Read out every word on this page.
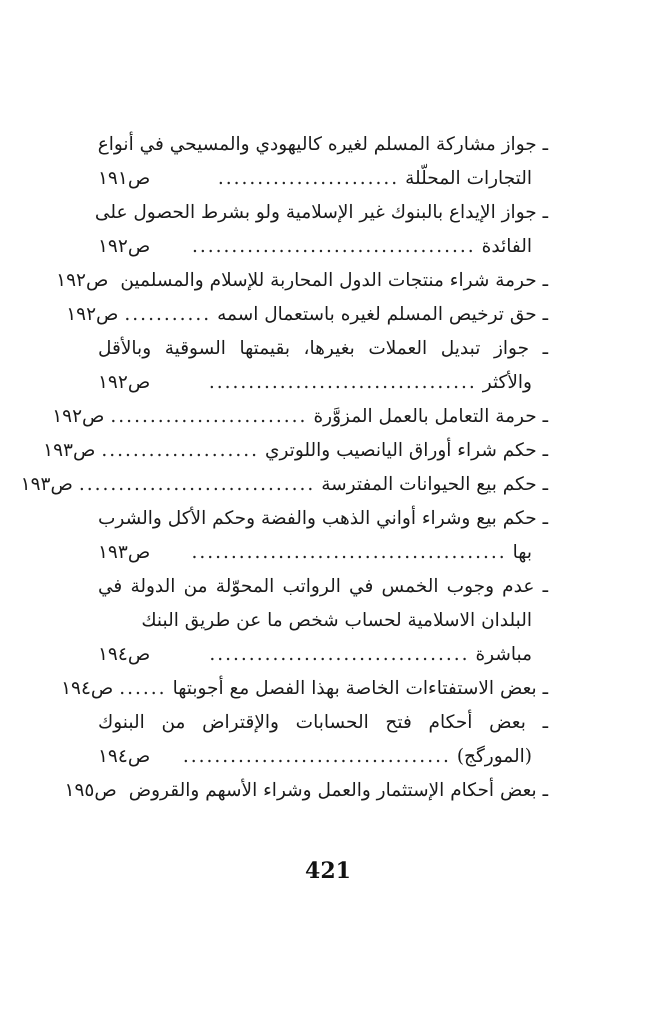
ـ جواز مشاركة المسلم لغيره كاليهودي والمسيحي في أنواع
التجارات المحلّلة
.......................
ص١٩١
ـ جواز الإيداع بالبنوك غير الإسلامية ولو بشرط الحصول على
الفائدة
....................................
ص١٩٢
ـ حرمة شراء منتجات الدول المحاربة للإسلام والمسلمين
ص١٩٢
ـ حق ترخيص المسلم لغيره باستعمال اسمه
...........
ص١٩٢
ـ جواز تبديل العملات بغيرها، بقيمتها السوقية وبالأقل
والأكثر
..................................
ص١٩٢
ـ حرمة التعامل بالعمل المزوَّرة
.........................
ص١٩٢
ـ حكم شراء أوراق اليانصيب واللوتري
....................
ص١٩٣
ـ حكم بيع الحيوانات المفترسة
..............................
ص١٩٣
ـ حكم بيع وشراء أواني الذهب والفضة وحكم الأكل والشرب
بها
........................................
ص١٩٣
ـ عدم وجوب الخمس في الرواتب المحوّلة من الدولة في
البلدان الاسلامية لحساب شخص ما عن طريق البنك
مباشرة
.................................
ص١٩٤
ـ بعض الاستفتاءات الخاصة بهذا الفصل مع أجوبتها
......
ص١٩٤
ـ بعض أحكام فتح الحسابات والإقتراض من البنوك
(المورگج)
..................................
ص١٩٤
ـ بعض أحكام الإستثمار والعمل وشراء الأسهم والقروض
ص١٩٥
421
